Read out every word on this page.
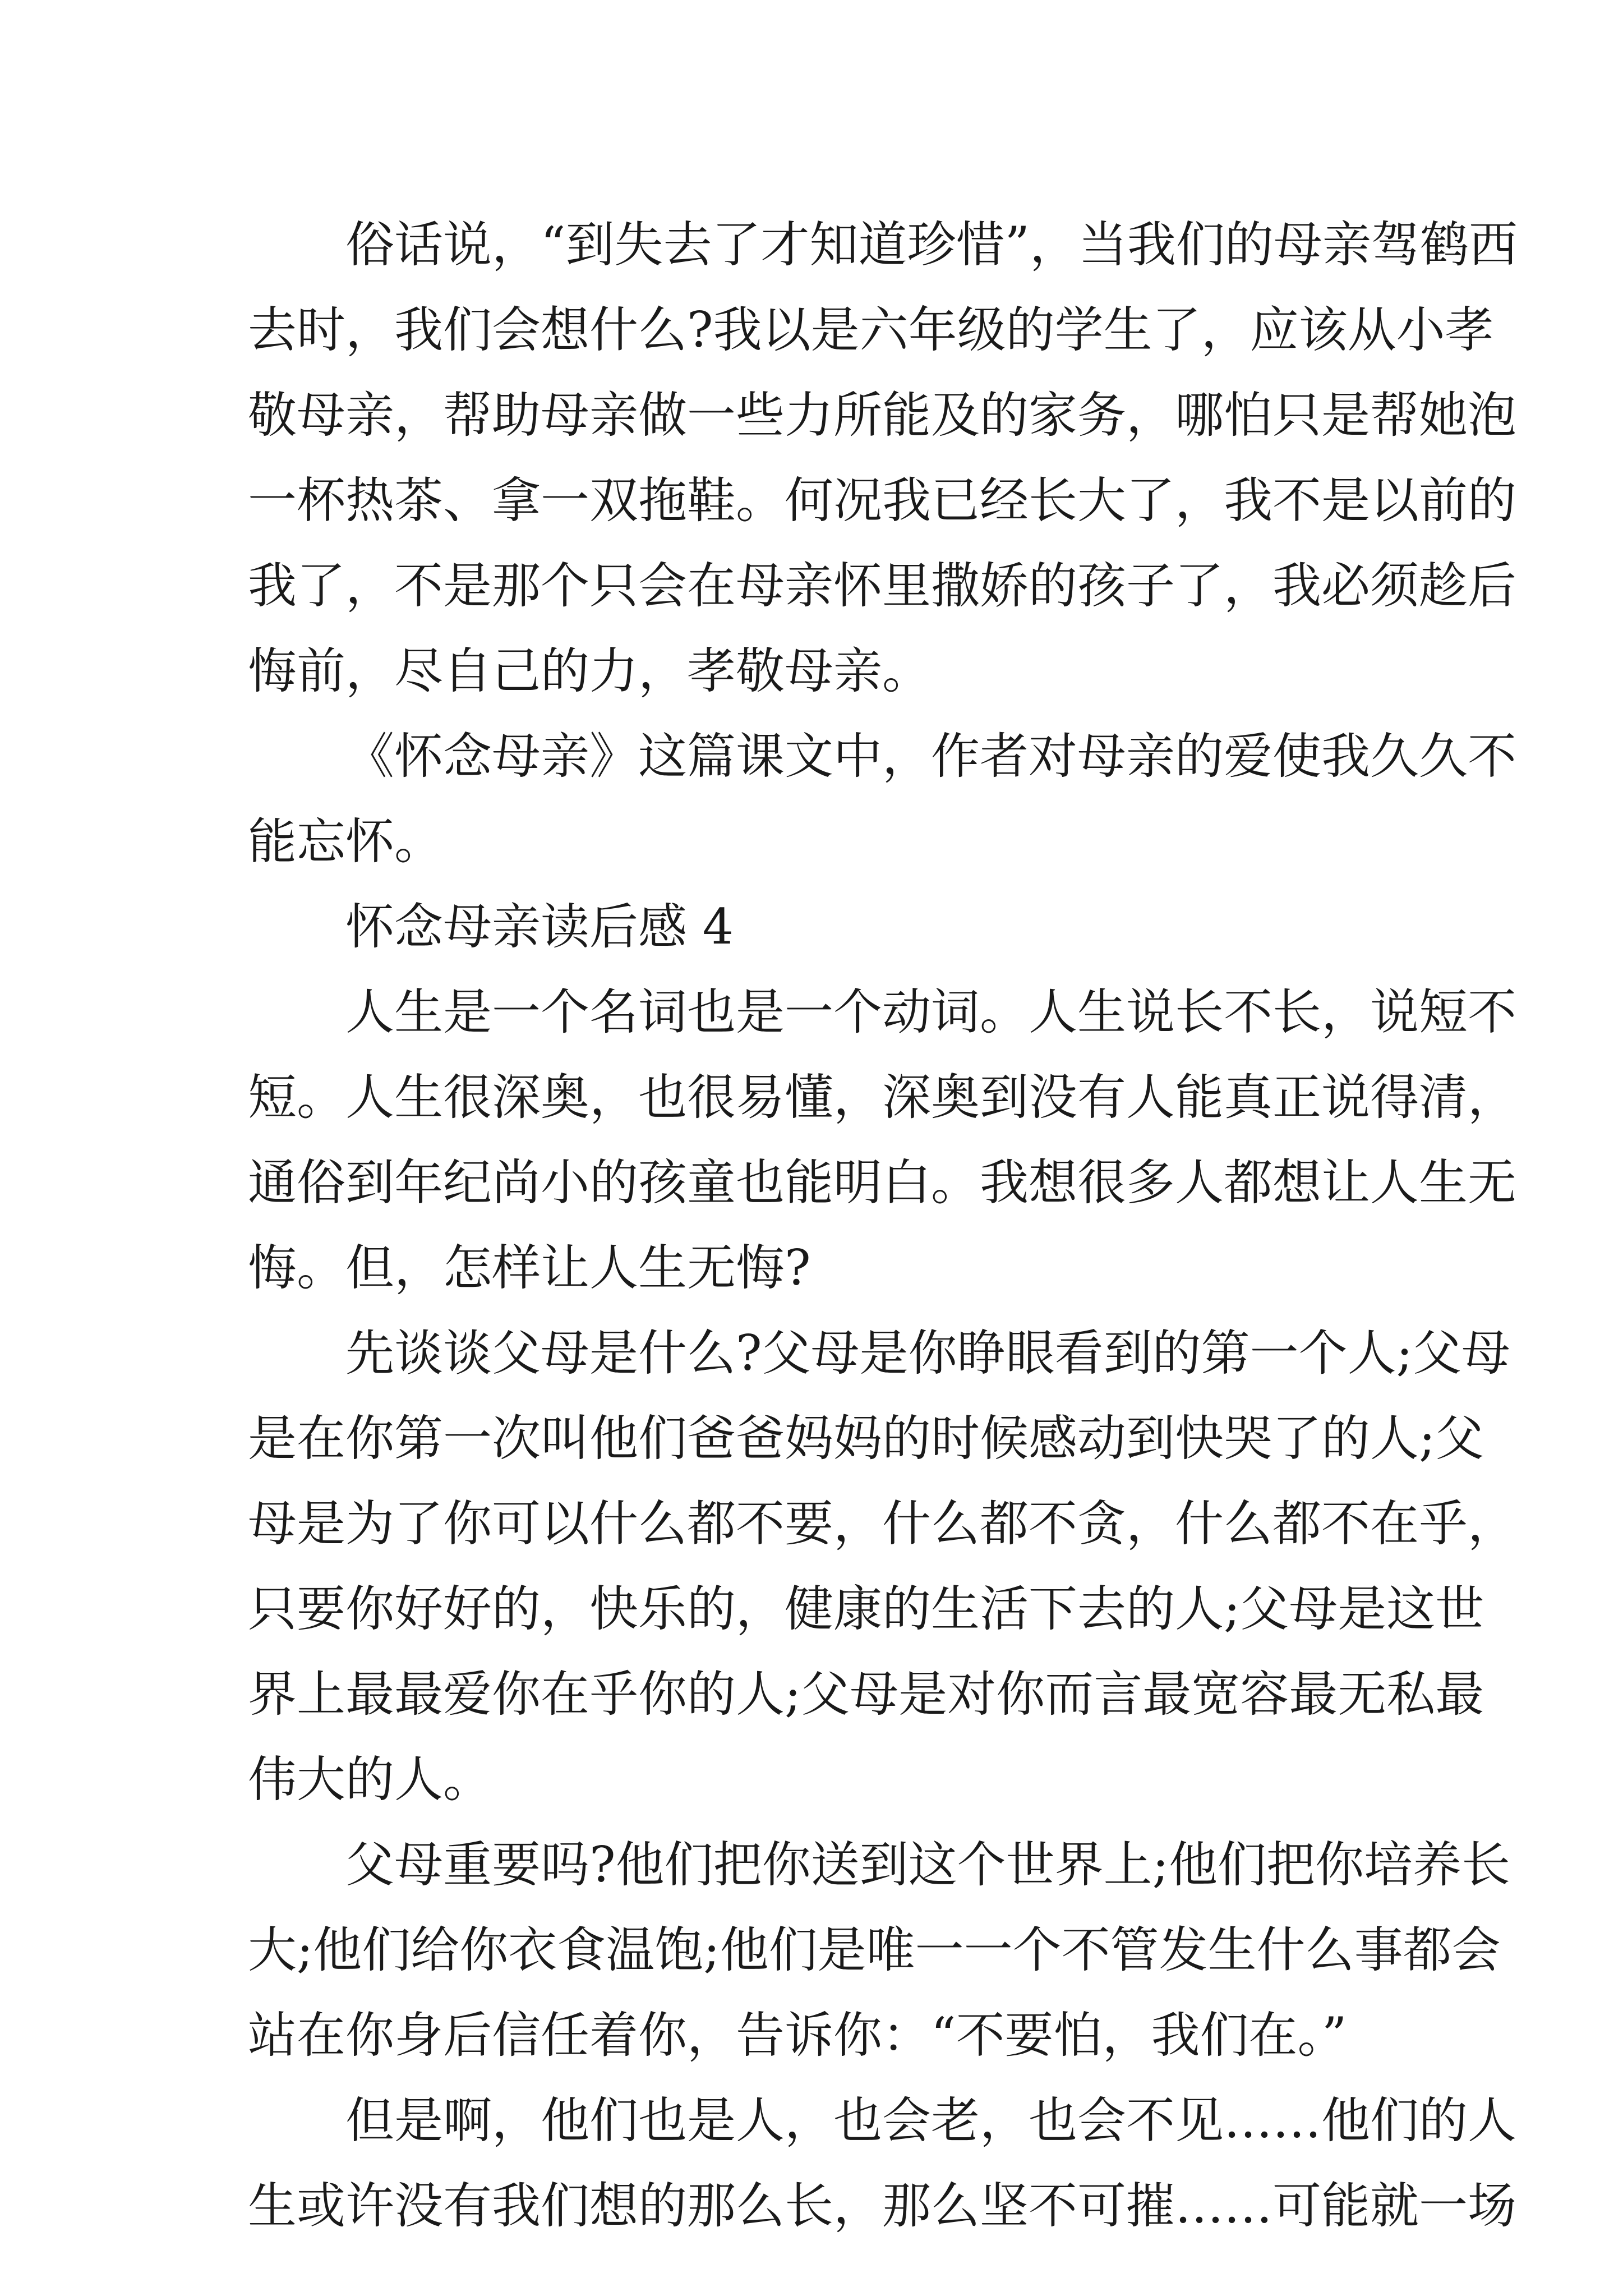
俗话说，“到失去了才知道珍惜”，当我们的母亲驾鹤西
去时，我们会想什么?我以是六年级的学生了，应该从小孝
敬母亲，帮助母亲做一些力所能及的家务，哪怕只是帮她泡
一杯热茶、拿一双拖鞋。何况我已经长大了，我不是以前的
我了，不是那个只会在母亲怀里撒娇的孩子了，我必须趁后
悔前，尽自己的力，孝敬母亲。
《怀念母亲》这篇课文中，作者对母亲的爱使我久久不
能忘怀。
怀念母亲读后感 4
人生是一个名词也是一个动词。人生说长不长，说短不
短。人生很深奥，也很易懂，深奥到没有人能真正说得清，
通俗到年纪尚小的孩童也能明白。我想很多人都想让人生无
悔。但，怎样让人生无悔?
先谈谈父母是什么?父母是你睁眼看到的第一个人;父母
是在你第一次叫他们爸爸妈妈的时候感动到快哭了的人;父
母是为了你可以什么都不要，什么都不贪，什么都不在乎，
只要你好好的，快乐的，健康的生活下去的人;父母是这世
界上最最爱你在乎你的人;父母是对你而言最宽容最无私最
伟大的人。
父母重要吗?他们把你送到这个世界上;他们把你培养长
大;他们给你衣食温饱;他们是唯一一个不管发生什么事都会
站在你身后信任着你，告诉你：“不要怕，我们在。”
但是啊，他们也是人，也会老，也会不见……他们的人
生或许没有我们想的那么长，那么坚不可摧……可能就一场
